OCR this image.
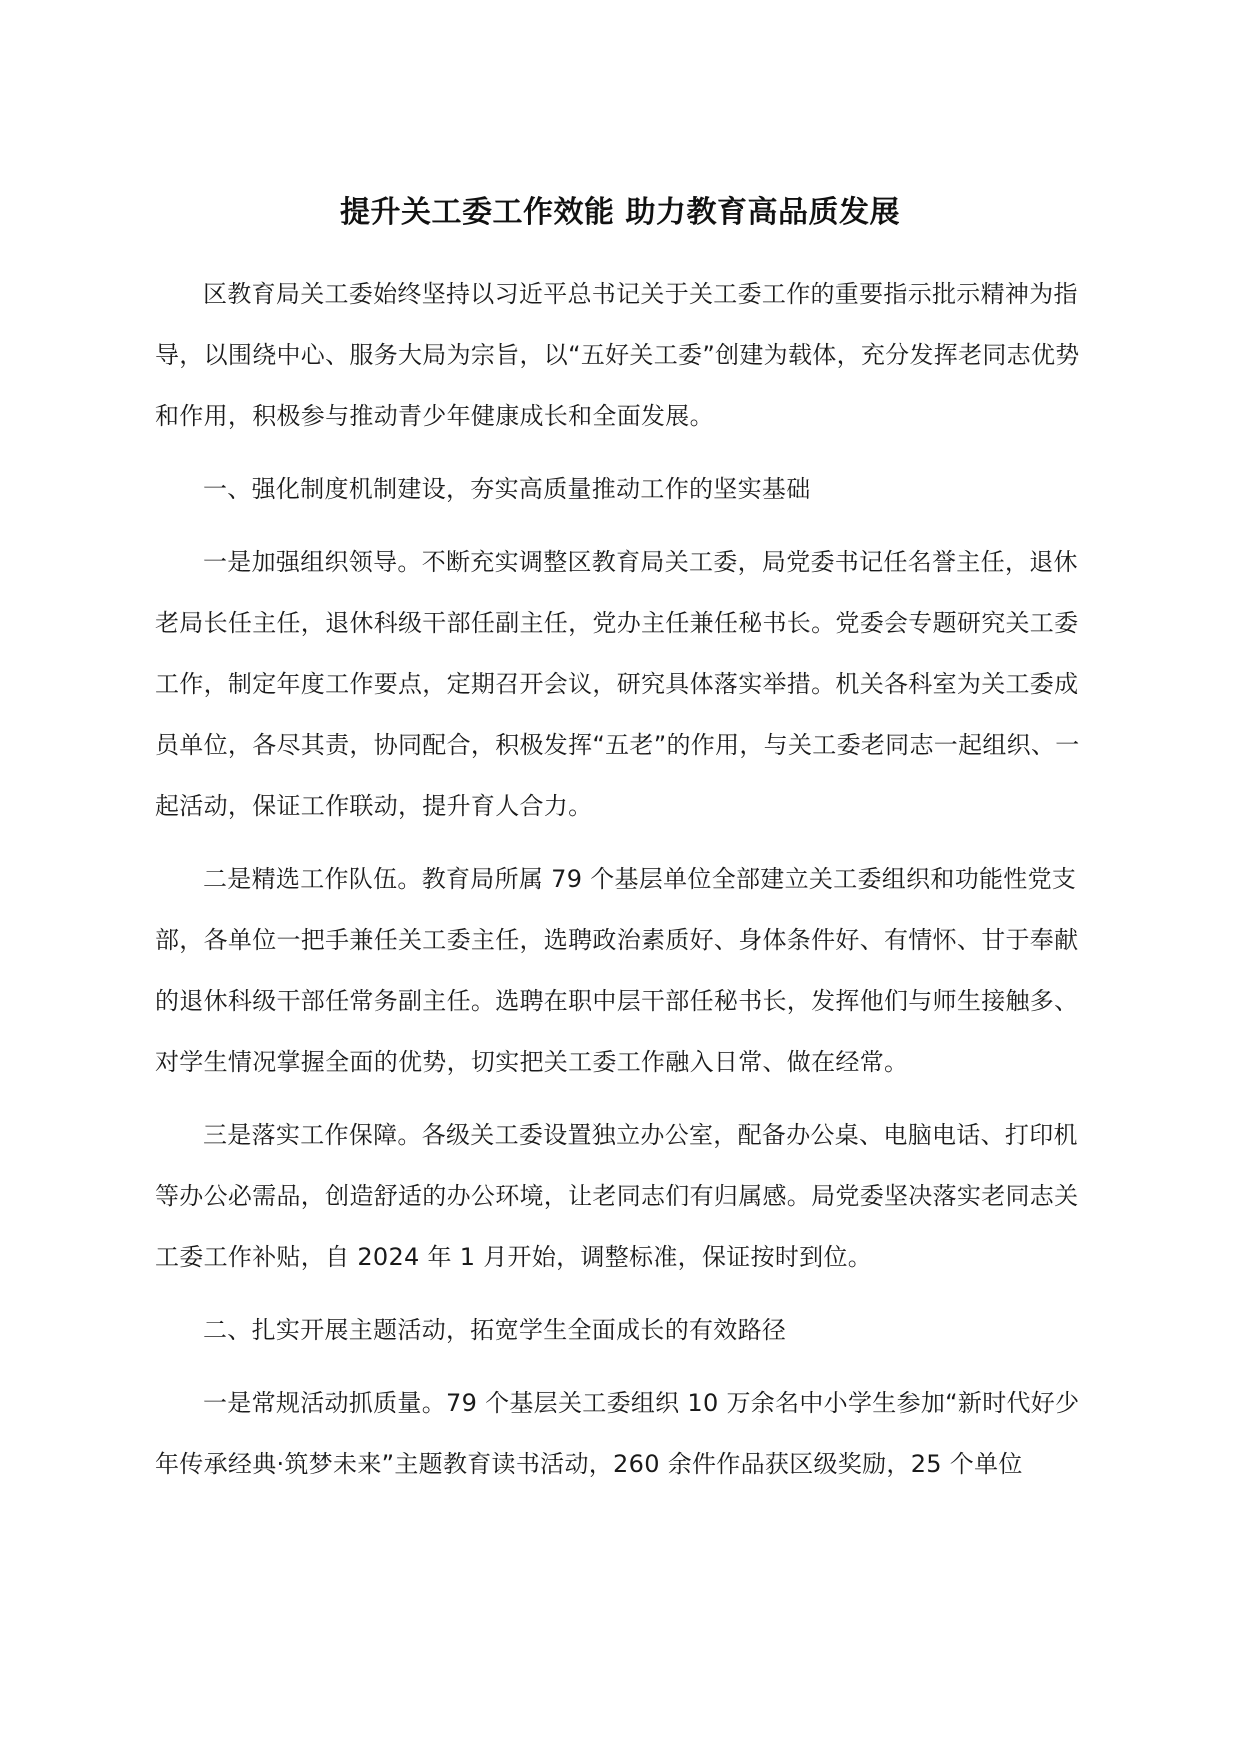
提升关工委工作效能 助力教育高品质发展

区教育局关工委始终坚持以习近平总书记关于关工委工作的重要指示批示精神为指导，以围绕中心、服务大局为宗旨，以“五好关工委”创建为载体，充分发挥老同志优势和作用，积极参与推动青少年健康成长和全面发展。

一、强化制度机制建设，夯实高质量推动工作的坚实基础

一是加强组织领导。不断充实调整区教育局关工委，局党委书记任名誉主任，退休老局长任主任，退休科级干部任副主任，党办主任兼任秘书长。党委会专题研究关工委工作，制定年度工作要点，定期召开会议，研究具体落实举措。机关各科室为关工委成员单位，各尽其责，协同配合，积极发挥“五老”的作用，与关工委老同志一起组织、一起活动，保证工作联动，提升育人合力。

二是精选工作队伍。教育局所属 79 个基层单位全部建立关工委组织和功能性党支部，各单位一把手兼任关工委主任，选聘政治素质好、身体条件好、有情怀、甘于奉献的退休科级干部任常务副主任。选聘在职中层干部任秘书长，发挥他们与师生接触多、对学生情况掌握全面的优势，切实把关工委工作融入日常、做在经常。

三是落实工作保障。各级关工委设置独立办公室，配备办公桌、电脑电话、打印机等办公必需品，创造舒适的办公环境，让老同志们有归属感。局党委坚决落实老同志关工委工作补贴，自 2024 年 1 月开始，调整标准，保证按时到位。

二、扎实开展主题活动，拓宽学生全面成长的有效路径

一是常规活动抓质量。79 个基层关工委组织 10 万余名中小学生参加“新时代好少年传承经典·筑梦未来”主题教育读书活动，260 余件作品获区级奖励，25 个单位
